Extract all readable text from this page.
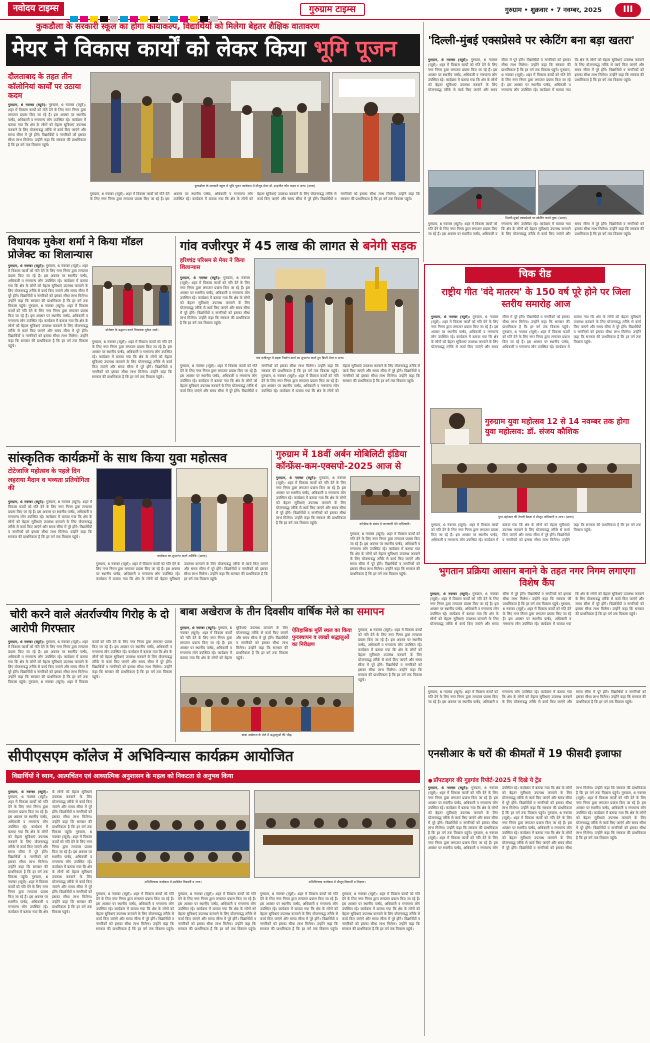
नवोदय टाइम्स	गुरुग्राम टाइम्स	गुरुग्राम • शुक्रवार • 7 नवम्बर, 2025	III
कुकडौला के सरकारी स्कूल का होगा कायाकल्प, विद्यार्थियों को मिलेगा बेहतर शैक्षिक वातावरण
मेयर ने विकास कार्यों को लेकर किया भूमि पूजन
दौलताबाद के तहत तीन कॉलोनियां कार्यों पर उठाया कदम
गुरुग्राम, 6 नवम्बर (ब्यूरो): गुरुग्राम, 6 नवम्बर (ब्यूरो): शहर में विकास कार्यों को गति देने के लिए नगर निगम द्वारा लगातार प्रयास किए जा रहे हैं। इस अवसर पर स्थानीय पार्षद, अधिकारी व गणमान्य लोग उपस्थित रहे। कार्यक्रम में बताया गया कि क्षेत्र के लोगों को बेहतर सुविधाएं उपलब्ध करवाने के लिए योजनाबद्ध तरीके से कार्य किए जाएंगे और समय सीमा में पूरे होंगे। विद्यार्थियों व नागरिकों को इसका सीधा लाभ मिलेगा। उन्होंने कहा कि सरकार की प्राथमिकता है कि हर वर्ग तक विकास पहुंचे।
कुकडौला के सरकारी स्कूल में भूमि पूजन कार्यक्रम में मौजूद मेयर डॉ. इन्द्रजीत कौर यादव व अन्य। (छाया)
गुरुग्राम, 6 नवम्बर (ब्यूरो): शहर में विकास कार्यों को गति देने के लिए नगर निगम द्वारा लगातार प्रयास किए जा रहे हैं। इस अवसर पर स्थानीय पार्षद, अधिकारी व गणमान्य लोग उपस्थित रहे। कार्यक्रम में बताया गया कि क्षेत्र के लोगों को बेहतर सुविधाएं उपलब्ध करवाने के लिए योजनाबद्ध तरीके से कार्य किए जाएंगे और समय सीमा में पूरे होंगे। विद्यार्थियों व नागरिकों को इसका सीधा लाभ मिलेगा। उन्होंने कहा कि सरकार की प्राथमिकता है कि हर वर्ग तक विकास पहुंचे।
'दिल्ली-मुंबई एक्सप्रेसवे पर स्केटिंग बना बड़ा खतरा'
गुरुग्राम, 6 नवम्बर (ब्यूरो): गुरुग्राम, 6 नवम्बर (ब्यूरो): शहर में विकास कार्यों को गति देने के लिए नगर निगम द्वारा लगातार प्रयास किए जा रहे हैं। इस अवसर पर स्थानीय पार्षद, अधिकारी व गणमान्य लोग उपस्थित रहे। कार्यक्रम में बताया गया कि क्षेत्र के लोगों को बेहतर सुविधाएं उपलब्ध करवाने के लिए योजनाबद्ध तरीके से कार्य किए जाएंगे और समय सीमा में पूरे होंगे। विद्यार्थियों व नागरिकों को इसका सीधा लाभ मिलेगा। उन्होंने कहा कि सरकार की प्राथमिकता है कि हर वर्ग तक विकास पहुंचे। गुरुग्राम, 6 नवम्बर (ब्यूरो): शहर में विकास कार्यों को गति देने के लिए नगर निगम द्वारा लगातार प्रयास किए जा रहे हैं। इस अवसर पर स्थानीय पार्षद, अधिकारी व गणमान्य लोग उपस्थित रहे। कार्यक्रम में बताया गया कि क्षेत्र के लोगों को बेहतर सुविधाएं उपलब्ध करवाने के लिए योजनाबद्ध तरीके से कार्य किए जाएंगे और समय सीमा में पूरे होंगे। विद्यार्थियों व नागरिकों को इसका सीधा लाभ मिलेगा। उन्होंने कहा कि सरकार की प्राथमिकता है कि हर वर्ग तक विकास पहुंचे।
दिल्ली-मुंबई एक्सप्रेसवे पर स्केटिंग करते युवा। (छाया)
गुरुग्राम, 6 नवम्बर (ब्यूरो): शहर में विकास कार्यों को गति देने के लिए नगर निगम द्वारा लगातार प्रयास किए जा रहे हैं। इस अवसर पर स्थानीय पार्षद, अधिकारी व गणमान्य लोग उपस्थित रहे। कार्यक्रम में बताया गया कि क्षेत्र के लोगों को बेहतर सुविधाएं उपलब्ध करवाने के लिए योजनाबद्ध तरीके से कार्य किए जाएंगे और समय सीमा में पूरे होंगे। विद्यार्थियों व नागरिकों को इसका सीधा लाभ मिलेगा। उन्होंने कहा कि सरकार की प्राथमिकता है कि हर वर्ग तक विकास पहुंचे।
विधायक मुकेश शर्मा ने किया मॉडल प्रोजेक्ट का शिलान्यास
गुरुग्राम, 6 नवम्बर (ब्यूरो): गुरुग्राम, 6 नवम्बर (ब्यूरो): शहर में विकास कार्यों को गति देने के लिए नगर निगम द्वारा लगातार प्रयास किए जा रहे हैं। इस अवसर पर स्थानीय पार्षद, अधिकारी व गणमान्य लोग उपस्थित रहे। कार्यक्रम में बताया गया कि क्षेत्र के लोगों को बेहतर सुविधाएं उपलब्ध करवाने के लिए योजनाबद्ध तरीके से कार्य किए जाएंगे और समय सीमा में पूरे होंगे। विद्यार्थियों व नागरिकों को इसका सीधा लाभ मिलेगा। उन्होंने कहा कि सरकार की प्राथमिकता है कि हर वर्ग तक विकास पहुंचे। गुरुग्राम, 6 नवम्बर (ब्यूरो): शहर में विकास कार्यों को गति देने के लिए नगर निगम द्वारा लगातार प्रयास किए जा रहे हैं। इस अवसर पर स्थानीय पार्षद, अधिकारी व गणमान्य लोग उपस्थित रहे। कार्यक्रम में बताया गया कि क्षेत्र के लोगों को बेहतर सुविधाएं उपलब्ध करवाने के लिए योजनाबद्ध तरीके से कार्य किए जाएंगे और समय सीमा में पूरे होंगे। विद्यार्थियों व नागरिकों को इसका सीधा लाभ मिलेगा। उन्होंने कहा कि सरकार की प्राथमिकता है कि हर वर्ग तक विकास पहुंचे।
प्रोजेक्ट के उद्घाटन करते विधायक मुकेश शर्मा।
गुरुग्राम, 6 नवम्बर (ब्यूरो): शहर में विकास कार्यों को गति देने के लिए नगर निगम द्वारा लगातार प्रयास किए जा रहे हैं। इस अवसर पर स्थानीय पार्षद, अधिकारी व गणमान्य लोग उपस्थित रहे। कार्यक्रम में बताया गया कि क्षेत्र के लोगों को बेहतर सुविधाएं उपलब्ध करवाने के लिए योजनाबद्ध तरीके से कार्य किए जाएंगे और समय सीमा में पूरे होंगे। विद्यार्थियों व नागरिकों को इसका सीधा लाभ मिलेगा। उन्होंने कहा कि सरकार की प्राथमिकता है कि हर वर्ग तक विकास पहुंचे।
गांव वजीरपुर में 45 लाख की लागत से बनेगी सड़क
हरिश्चंद्र परिश्रम से मेयर ने किया शिलान्यास
गुरुग्राम, 6 नवम्बर (ब्यूरो): गुरुग्राम, 6 नवम्बर (ब्यूरो): शहर में विकास कार्यों को गति देने के लिए नगर निगम द्वारा लगातार प्रयास किए जा रहे हैं। इस अवसर पर स्थानीय पार्षद, अधिकारी व गणमान्य लोग उपस्थित रहे। कार्यक्रम में बताया गया कि क्षेत्र के लोगों को बेहतर सुविधाएं उपलब्ध करवाने के लिए योजनाबद्ध तरीके से कार्य किए जाएंगे और समय सीमा में पूरे होंगे। विद्यार्थियों व नागरिकों को इसका सीधा लाभ मिलेगा। उन्होंने कहा कि सरकार की प्राथमिकता है कि हर वर्ग तक विकास पहुंचे।
गांव वजीरपुर में सड़क निर्माण कार्य का शुभारंभ करते हुए डिप्टी मेयर व अन्य।
गुरुग्राम, 6 नवम्बर (ब्यूरो): शहर में विकास कार्यों को गति देने के लिए नगर निगम द्वारा लगातार प्रयास किए जा रहे हैं। इस अवसर पर स्थानीय पार्षद, अधिकारी व गणमान्य लोग उपस्थित रहे। कार्यक्रम में बताया गया कि क्षेत्र के लोगों को बेहतर सुविधाएं उपलब्ध करवाने के लिए योजनाबद्ध तरीके से कार्य किए जाएंगे और समय सीमा में पूरे होंगे। विद्यार्थियों व नागरिकों को इसका सीधा लाभ मिलेगा। उन्होंने कहा कि सरकार की प्राथमिकता है कि हर वर्ग तक विकास पहुंचे। गुरुग्राम, 6 नवम्बर (ब्यूरो): शहर में विकास कार्यों को गति देने के लिए नगर निगम द्वारा लगातार प्रयास किए जा रहे हैं। इस अवसर पर स्थानीय पार्षद, अधिकारी व गणमान्य लोग उपस्थित रहे। कार्यक्रम में बताया गया कि क्षेत्र के लोगों को बेहतर सुविधाएं उपलब्ध करवाने के लिए योजनाबद्ध तरीके से कार्य किए जाएंगे और समय सीमा में पूरे होंगे। विद्यार्थियों व नागरिकों को इसका सीधा लाभ मिलेगा। उन्होंने कहा कि सरकार की प्राथमिकता है कि हर वर्ग तक विकास पहुंचे।
चिक रीड
राष्ट्रीय गीत 'वंदे मातरम' के 150 वर्ष पूरे होने पर जिला स्तरीय समारोह आज
गुरुग्राम, 6 नवम्बर (ब्यूरो): गुरुग्राम, 6 नवम्बर (ब्यूरो): शहर में विकास कार्यों को गति देने के लिए नगर निगम द्वारा लगातार प्रयास किए जा रहे हैं। इस अवसर पर स्थानीय पार्षद, अधिकारी व गणमान्य लोग उपस्थित रहे। कार्यक्रम में बताया गया कि क्षेत्र के लोगों को बेहतर सुविधाएं उपलब्ध करवाने के लिए योजनाबद्ध तरीके से कार्य किए जाएंगे और समय सीमा में पूरे होंगे। विद्यार्थियों व नागरिकों को इसका सीधा लाभ मिलेगा। उन्होंने कहा कि सरकार की प्राथमिकता है कि हर वर्ग तक विकास पहुंचे। गुरुग्राम, 6 नवम्बर (ब्यूरो): शहर में विकास कार्यों को गति देने के लिए नगर निगम द्वारा लगातार प्रयास किए जा रहे हैं। इस अवसर पर स्थानीय पार्षद, अधिकारी व गणमान्य लोग उपस्थित रहे। कार्यक्रम में बताया गया कि क्षेत्र के लोगों को बेहतर सुविधाएं उपलब्ध करवाने के लिए योजनाबद्ध तरीके से कार्य किए जाएंगे और समय सीमा में पूरे होंगे। विद्यार्थियों व नागरिकों को इसका सीधा लाभ मिलेगा। उन्होंने कहा कि सरकार की प्राथमिकता है कि हर वर्ग तक विकास पहुंचे।
गुरुग्राम युवा महोत्सव 12 से 14 नवम्बर तक होगा युवा महोत्सव: डॉ. संजय कौशिक
युवा महोत्सव की तैयारी बैठक में मौजूद अधिकारी व अन्य। (छाया)
गुरुग्राम, 6 नवम्बर (ब्यूरो): शहर में विकास कार्यों को गति देने के लिए नगर निगम द्वारा लगातार प्रयास किए जा रहे हैं। इस अवसर पर स्थानीय पार्षद, अधिकारी व गणमान्य लोग उपस्थित रहे। कार्यक्रम में बताया गया कि क्षेत्र के लोगों को बेहतर सुविधाएं उपलब्ध करवाने के लिए योजनाबद्ध तरीके से कार्य किए जाएंगे और समय सीमा में पूरे होंगे। विद्यार्थियों व नागरिकों को इसका सीधा लाभ मिलेगा। उन्होंने कहा कि सरकार की प्राथमिकता है कि हर वर्ग तक विकास पहुंचे।
सांस्कृतिक कार्यक्रमों के साथ किया युवा महोत्सव
टोटेजाजि महोत्सव के पहले दिन लहराया मैदान व भव्यता प्रतियोगिता की
गुरुग्राम, 6 नवम्बर (ब्यूरो): गुरुग्राम, 6 नवम्बर (ब्यूरो): शहर में विकास कार्यों को गति देने के लिए नगर निगम द्वारा लगातार प्रयास किए जा रहे हैं। इस अवसर पर स्थानीय पार्षद, अधिकारी व गणमान्य लोग उपस्थित रहे। कार्यक्रम में बताया गया कि क्षेत्र के लोगों को बेहतर सुविधाएं उपलब्ध करवाने के लिए योजनाबद्ध तरीके से कार्य किए जाएंगे और समय सीमा में पूरे होंगे। विद्यार्थियों व नागरिकों को इसका सीधा लाभ मिलेगा। उन्होंने कहा कि सरकार की प्राथमिकता है कि हर वर्ग तक विकास पहुंचे।
कार्यक्रम का शुभारंभ करते अतिथि। (छाया)
गुरुग्राम, 6 नवम्बर (ब्यूरो): शहर में विकास कार्यों को गति देने के लिए नगर निगम द्वारा लगातार प्रयास किए जा रहे हैं। इस अवसर पर स्थानीय पार्षद, अधिकारी व गणमान्य लोग उपस्थित रहे। कार्यक्रम में बताया गया कि क्षेत्र के लोगों को बेहतर सुविधाएं उपलब्ध करवाने के लिए योजनाबद्ध तरीके से कार्य किए जाएंगे और समय सीमा में पूरे होंगे। विद्यार्थियों व नागरिकों को इसका सीधा लाभ मिलेगा। उन्होंने कहा कि सरकार की प्राथमिकता है कि हर वर्ग तक विकास पहुंचे।
गुरुग्राम में 18वीं अर्बन मोबिलिटी इंडिया कॉन्फ्रेंस-कम-एक्सपो-2025 आज से
गुरुग्राम, 6 नवम्बर (ब्यूरो): गुरुग्राम, 6 नवम्बर (ब्यूरो): शहर में विकास कार्यों को गति देने के लिए नगर निगम द्वारा लगातार प्रयास किए जा रहे हैं। इस अवसर पर स्थानीय पार्षद, अधिकारी व गणमान्य लोग उपस्थित रहे। कार्यक्रम में बताया गया कि क्षेत्र के लोगों को बेहतर सुविधाएं उपलब्ध करवाने के लिए योजनाबद्ध तरीके से कार्य किए जाएंगे और समय सीमा में पूरे होंगे। विद्यार्थियों व नागरिकों को इसका सीधा लाभ मिलेगा। उन्होंने कहा कि सरकार की प्राथमिकता है कि हर वर्ग तक विकास पहुंचे।	कॉन्फ्रेंस के संबंध में जानकारी देते अधिकारी।
गुरुग्राम, 6 नवम्बर (ब्यूरो): शहर में विकास कार्यों को गति देने के लिए नगर निगम द्वारा लगातार प्रयास किए जा रहे हैं। इस अवसर पर स्थानीय पार्षद, अधिकारी व गणमान्य लोग उपस्थित रहे। कार्यक्रम में बताया गया कि क्षेत्र के लोगों को बेहतर सुविधाएं उपलब्ध करवाने के लिए योजनाबद्ध तरीके से कार्य किए जाएंगे और समय सीमा में पूरे होंगे। विद्यार्थियों व नागरिकों को इसका सीधा लाभ मिलेगा। उन्होंने कहा कि सरकार की प्राथमिकता है कि हर वर्ग तक विकास पहुंचे।	भुगतान प्रक्रिया आसान बनाने के तहत नगर निगम लगाएगा विशेष कैंप
गुरुग्राम, 6 नवम्बर (ब्यूरो): गुरुग्राम, 6 नवम्बर (ब्यूरो): शहर में विकास कार्यों को गति देने के लिए नगर निगम द्वारा लगातार प्रयास किए जा रहे हैं। इस अवसर पर स्थानीय पार्षद, अधिकारी व गणमान्य लोग उपस्थित रहे। कार्यक्रम में बताया गया कि क्षेत्र के लोगों को बेहतर सुविधाएं उपलब्ध करवाने के लिए योजनाबद्ध तरीके से कार्य किए जाएंगे और समय सीमा में पूरे होंगे। विद्यार्थियों व नागरिकों को इसका सीधा लाभ मिलेगा। उन्होंने कहा कि सरकार की प्राथमिकता है कि हर वर्ग तक विकास पहुंचे। गुरुग्राम, 6 नवम्बर (ब्यूरो): शहर में विकास कार्यों को गति देने के लिए नगर निगम द्वारा लगातार प्रयास किए जा रहे हैं। इस अवसर पर स्थानीय पार्षद, अधिकारी व गणमान्य लोग उपस्थित रहे। कार्यक्रम में बताया गया कि क्षेत्र के लोगों को बेहतर सुविधाएं उपलब्ध करवाने के लिए योजनाबद्ध तरीके से कार्य किए जाएंगे और समय सीमा में पूरे होंगे। विद्यार्थियों व नागरिकों को इसका सीधा लाभ मिलेगा। उन्होंने कहा कि सरकार की प्राथमिकता है कि हर वर्ग तक विकास पहुंचे।
चोरी करने वाले अंतर्राज्यीय गिरोह के दो आरोपी गिरफ्तार
गुरुग्राम, 6 नवम्बर (ब्यूरो): गुरुग्राम, 6 नवम्बर (ब्यूरो): शहर में विकास कार्यों को गति देने के लिए नगर निगम द्वारा लगातार प्रयास किए जा रहे हैं। इस अवसर पर स्थानीय पार्षद, अधिकारी व गणमान्य लोग उपस्थित रहे। कार्यक्रम में बताया गया कि क्षेत्र के लोगों को बेहतर सुविधाएं उपलब्ध करवाने के लिए योजनाबद्ध तरीके से कार्य किए जाएंगे और समय सीमा में पूरे होंगे। विद्यार्थियों व नागरिकों को इसका सीधा लाभ मिलेगा। उन्होंने कहा कि सरकार की प्राथमिकता है कि हर वर्ग तक विकास पहुंचे। गुरुग्राम, 6 नवम्बर (ब्यूरो): शहर में विकास कार्यों को गति देने के लिए नगर निगम द्वारा लगातार प्रयास किए जा रहे हैं। इस अवसर पर स्थानीय पार्षद, अधिकारी व गणमान्य लोग उपस्थित रहे। कार्यक्रम में बताया गया कि क्षेत्र के लोगों को बेहतर सुविधाएं उपलब्ध करवाने के लिए योजनाबद्ध तरीके से कार्य किए जाएंगे और समय सीमा में पूरे होंगे। विद्यार्थियों व नागरिकों को इसका सीधा लाभ मिलेगा। उन्होंने कहा कि सरकार की प्राथमिकता है कि हर वर्ग तक विकास पहुंचे।
बाबा अखेराज के तीन दिवसीय वार्षिक मेले का समापन
ऐतिहासिक मूर्ति स्थल का किया पुनःस्थापन व लाखों श्रद्धालुओं का निरीक्षण
गुरुग्राम, 6 नवम्बर (ब्यूरो): गुरुग्राम, 6 नवम्बर (ब्यूरो): शहर में विकास कार्यों को गति देने के लिए नगर निगम द्वारा लगातार प्रयास किए जा रहे हैं। इस अवसर पर स्थानीय पार्षद, अधिकारी व गणमान्य लोग उपस्थित रहे। कार्यक्रम में बताया गया कि क्षेत्र के लोगों को बेहतर सुविधाएं उपलब्ध करवाने के लिए योजनाबद्ध तरीके से कार्य किए जाएंगे और समय सीमा में पूरे होंगे। विद्यार्थियों व नागरिकों को इसका सीधा लाभ मिलेगा। उन्होंने कहा कि सरकार की प्राथमिकता है कि हर वर्ग तक विकास पहुंचे।
बाबा अखेराज के मेले में श्रद्धालुओं की भीड़।
गुरुग्राम, 6 नवम्बर (ब्यूरो): शहर में विकास कार्यों को गति देने के लिए नगर निगम द्वारा लगातार प्रयास किए जा रहे हैं। इस अवसर पर स्थानीय पार्षद, अधिकारी व गणमान्य लोग उपस्थित रहे। कार्यक्रम में बताया गया कि क्षेत्र के लोगों को बेहतर सुविधाएं उपलब्ध करवाने के लिए योजनाबद्ध तरीके से कार्य किए जाएंगे और समय सीमा में पूरे होंगे। विद्यार्थियों व नागरिकों को इसका सीधा लाभ मिलेगा। उन्होंने कहा कि सरकार की प्राथमिकता है कि हर वर्ग तक विकास पहुंचे।
सीपीएसएम कॉलेज में अभिविन्यास कार्यक्रम आयोजित
विद्यार्थियों ने ध्यान, आत्मचिंतन एवं आध्यात्मिक अनुशासन के महत्व को निकटता से अनुभव किया
गुरुग्राम, 6 नवम्बर (ब्यूरो): गुरुग्राम, 6 नवम्बर (ब्यूरो): शहर में विकास कार्यों को गति देने के लिए नगर निगम द्वारा लगातार प्रयास किए जा रहे हैं। इस अवसर पर स्थानीय पार्षद, अधिकारी व गणमान्य लोग उपस्थित रहे। कार्यक्रम में बताया गया कि क्षेत्र के लोगों को बेहतर सुविधाएं उपलब्ध करवाने के लिए योजनाबद्ध तरीके से कार्य किए जाएंगे और समय सीमा में पूरे होंगे। विद्यार्थियों व नागरिकों को इसका सीधा लाभ मिलेगा। उन्होंने कहा कि सरकार की प्राथमिकता है कि हर वर्ग तक विकास पहुंचे। गुरुग्राम, 6 नवम्बर (ब्यूरो): शहर में विकास कार्यों को गति देने के लिए नगर निगम द्वारा लगातार प्रयास किए जा रहे हैं। इस अवसर पर स्थानीय पार्षद, अधिकारी व गणमान्य लोग उपस्थित रहे। कार्यक्रम में बताया गया कि क्षेत्र के लोगों को बेहतर सुविधाएं उपलब्ध करवाने के लिए योजनाबद्ध तरीके से कार्य किए जाएंगे और समय सीमा में पूरे होंगे। विद्यार्थियों व नागरिकों को इसका सीधा लाभ मिलेगा। उन्होंने कहा कि सरकार की प्राथमिकता है कि हर वर्ग तक विकास पहुंचे। गुरुग्राम, 6 नवम्बर (ब्यूरो): शहर में विकास कार्यों को गति देने के लिए नगर निगम द्वारा लगातार प्रयास किए जा रहे हैं। इस अवसर पर स्थानीय पार्षद, अधिकारी व गणमान्य लोग उपस्थित रहे। कार्यक्रम में बताया गया कि क्षेत्र के लोगों को बेहतर सुविधाएं उपलब्ध करवाने के लिए योजनाबद्ध तरीके से कार्य किए जाएंगे और समय सीमा में पूरे होंगे। विद्यार्थियों व नागरिकों को इसका सीधा लाभ मिलेगा। उन्होंने कहा कि सरकार की प्राथमिकता है कि हर वर्ग तक विकास पहुंचे।
अभिविन्यास कार्यक्रम में उपस्थित विद्यार्थी व अन्य।	अभिविन्यास कार्यक्रम में मौजूद विद्यार्थी व शिक्षक।
गुरुग्राम, 6 नवम्बर (ब्यूरो): शहर में विकास कार्यों को गति देने के लिए नगर निगम द्वारा लगातार प्रयास किए जा रहे हैं। इस अवसर पर स्थानीय पार्षद, अधिकारी व गणमान्य लोग उपस्थित रहे। कार्यक्रम में बताया गया कि क्षेत्र के लोगों को बेहतर सुविधाएं उपलब्ध करवाने के लिए योजनाबद्ध तरीके से कार्य किए जाएंगे और समय सीमा में पूरे होंगे। विद्यार्थियों व नागरिकों को इसका सीधा लाभ मिलेगा। उन्होंने कहा कि सरकार की प्राथमिकता है कि हर वर्ग तक विकास पहुंचे। गुरुग्राम, 6 नवम्बर (ब्यूरो): शहर में विकास कार्यों को गति देने के लिए नगर निगम द्वारा लगातार प्रयास किए जा रहे हैं। इस अवसर पर स्थानीय पार्षद, अधिकारी व गणमान्य लोग उपस्थित रहे। कार्यक्रम में बताया गया कि क्षेत्र के लोगों को बेहतर सुविधाएं उपलब्ध करवाने के लिए योजनाबद्ध तरीके से कार्य किए जाएंगे और समय सीमा में पूरे होंगे। विद्यार्थियों व नागरिकों को इसका सीधा लाभ मिलेगा। उन्होंने कहा कि सरकार की प्राथमिकता है कि हर वर्ग तक विकास पहुंचे। गुरुग्राम, 6 नवम्बर (ब्यूरो): शहर में विकास कार्यों को गति देने के लिए नगर निगम द्वारा लगातार प्रयास किए जा रहे हैं। इस अवसर पर स्थानीय पार्षद, अधिकारी व गणमान्य लोग उपस्थित रहे। कार्यक्रम में बताया गया कि क्षेत्र के लोगों को बेहतर सुविधाएं उपलब्ध करवाने के लिए योजनाबद्ध तरीके से कार्य किए जाएंगे और समय सीमा में पूरे होंगे। विद्यार्थियों व नागरिकों को इसका सीधा लाभ मिलेगा। उन्होंने कहा कि सरकार की प्राथमिकता है कि हर वर्ग तक विकास पहुंचे। गुरुग्राम, 6 नवम्बर (ब्यूरो): शहर में विकास कार्यों को गति देने के लिए नगर निगम द्वारा लगातार प्रयास किए जा रहे हैं। इस अवसर पर स्थानीय पार्षद, अधिकारी व गणमान्य लोग उपस्थित रहे। कार्यक्रम में बताया गया कि क्षेत्र के लोगों को बेहतर सुविधाएं उपलब्ध करवाने के लिए योजनाबद्ध तरीके से कार्य किए जाएंगे और समय सीमा में पूरे होंगे। विद्यार्थियों व नागरिकों को इसका सीधा लाभ मिलेगा। उन्होंने कहा कि सरकार की प्राथमिकता है कि हर वर्ग तक विकास पहुंचे।
एनसीआर के घरों की कीमतों में 19 फीसदी इजाफा
● प्रॉपटाइगर की गुड़गांव रिपोर्ट-2025 में दिखे ये ट्रेंड
गुरुग्राम, 6 नवम्बर (ब्यूरो): गुरुग्राम, 6 नवम्बर (ब्यूरो): शहर में विकास कार्यों को गति देने के लिए नगर निगम द्वारा लगातार प्रयास किए जा रहे हैं। इस अवसर पर स्थानीय पार्षद, अधिकारी व गणमान्य लोग उपस्थित रहे। कार्यक्रम में बताया गया कि क्षेत्र के लोगों को बेहतर सुविधाएं उपलब्ध करवाने के लिए योजनाबद्ध तरीके से कार्य किए जाएंगे और समय सीमा में पूरे होंगे। विद्यार्थियों व नागरिकों को इसका सीधा लाभ मिलेगा। उन्होंने कहा कि सरकार की प्राथमिकता है कि हर वर्ग तक विकास पहुंचे। गुरुग्राम, 6 नवम्बर (ब्यूरो): शहर में विकास कार्यों को गति देने के लिए नगर निगम द्वारा लगातार प्रयास किए जा रहे हैं। इस अवसर पर स्थानीय पार्षद, अधिकारी व गणमान्य लोग उपस्थित रहे। कार्यक्रम में बताया गया कि क्षेत्र के लोगों को बेहतर सुविधाएं उपलब्ध करवाने के लिए योजनाबद्ध तरीके से कार्य किए जाएंगे और समय सीमा में पूरे होंगे। विद्यार्थियों व नागरिकों को इसका सीधा लाभ मिलेगा। उन्होंने कहा कि सरकार की प्राथमिकता है कि हर वर्ग तक विकास पहुंचे। गुरुग्राम, 6 नवम्बर (ब्यूरो): शहर में विकास कार्यों को गति देने के लिए नगर निगम द्वारा लगातार प्रयास किए जा रहे हैं। इस अवसर पर स्थानीय पार्षद, अधिकारी व गणमान्य लोग उपस्थित रहे। कार्यक्रम में बताया गया कि क्षेत्र के लोगों को बेहतर सुविधाएं उपलब्ध करवाने के लिए योजनाबद्ध तरीके से कार्य किए जाएंगे और समय सीमा में पूरे होंगे। विद्यार्थियों व नागरिकों को इसका सीधा लाभ मिलेगा। उन्होंने कहा कि सरकार की प्राथमिकता है कि हर वर्ग तक विकास पहुंचे। गुरुग्राम, 6 नवम्बर (ब्यूरो): शहर में विकास कार्यों को गति देने के लिए नगर निगम द्वारा लगातार प्रयास किए जा रहे हैं। इस अवसर पर स्थानीय पार्षद, अधिकारी व गणमान्य लोग उपस्थित रहे। कार्यक्रम में बताया गया कि क्षेत्र के लोगों को बेहतर सुविधाएं उपलब्ध करवाने के लिए योजनाबद्ध तरीके से कार्य किए जाएंगे और समय सीमा में पूरे होंगे। विद्यार्थियों व नागरिकों को इसका सीधा लाभ मिलेगा। उन्होंने कहा कि सरकार की प्राथमिकता है कि हर वर्ग तक विकास पहुंचे।
गुरुग्राम, 6 नवम्बर (ब्यूरो): शहर में विकास कार्यों को गति देने के लिए नगर निगम द्वारा लगातार प्रयास किए जा रहे हैं। इस अवसर पर स्थानीय पार्षद, अधिकारी व गणमान्य लोग उपस्थित रहे। कार्यक्रम में बताया गया कि क्षेत्र के लोगों को बेहतर सुविधाएं उपलब्ध करवाने के लिए योजनाबद्ध तरीके से कार्य किए जाएंगे और समय सीमा में पूरे होंगे। विद्यार्थियों व नागरिकों को इसका सीधा लाभ मिलेगा। उन्होंने कहा कि सरकार की प्राथमिकता है कि हर वर्ग तक विकास पहुंचे।
